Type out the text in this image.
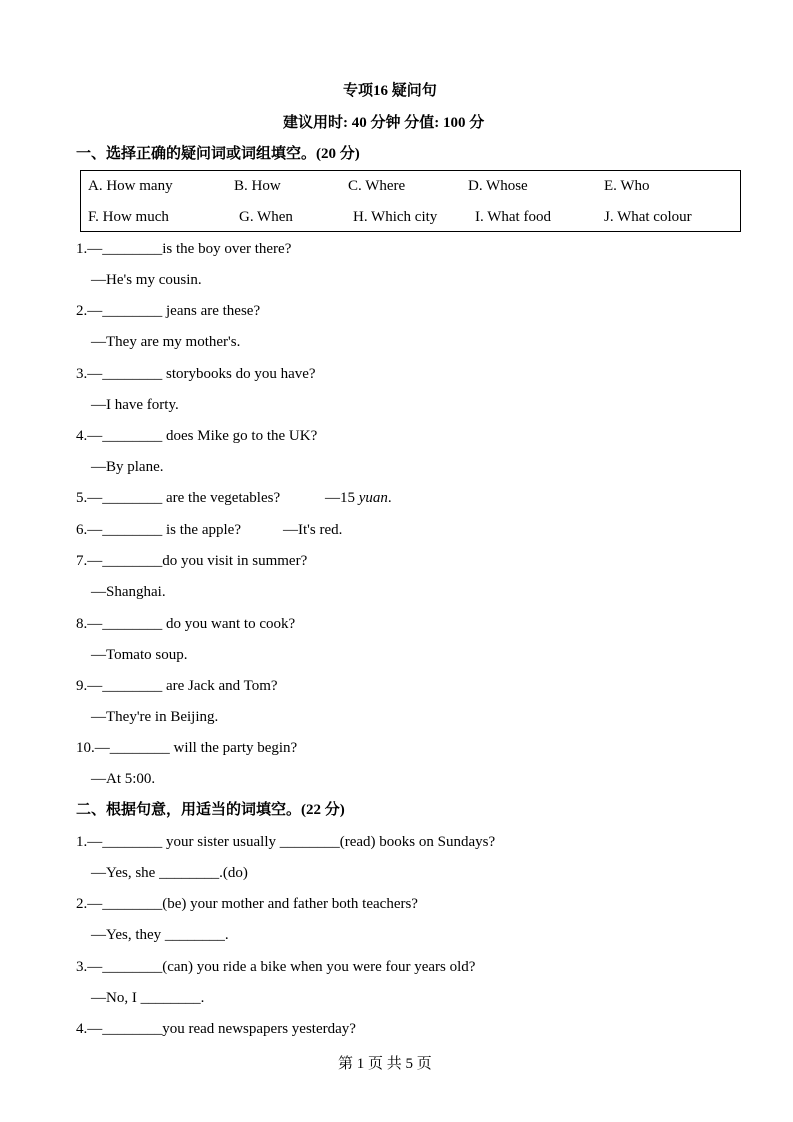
专项16 疑问句
建议用时: 40 分钟 分值: 100 分
一、选择正确的疑问词或词组填空。(20 分)
A. How many	B. How	C. Where	D. Whose	E. Who
F. How much	G. When	H. Which city	I. What food	J. What colour
1.—________is the boy over there?
—He's my cousin.
2.—________ jeans are these?
—They are my mother's.
3.—________ storybooks do you have?
—I have forty.
4.—________ does Mike go to the UK?
—By plane.
5.—________ are the vegetables?	—15 yuan.
6.—________ is the apple?	—It's red.
7.—________do you visit in summer?
—Shanghai.
8.—________ do you want to cook?
—Tomato soup.
9.—________ are Jack and Tom?
—They're in Beijing.
10.—________ will the party begin?
—At 5:00.
二、根据句意，用适当的词填空。(22 分)
1.—________ your sister usually ________(read) books on Sundays?
—Yes, she ________.(do)
2.—________(be) your mother and father both teachers?
—Yes, they ________.
3.—________(can) you ride a bike when you were four years old?
—No, I ________.
4.—________you read newspapers yesterday?
第 1 页 共 5 页
